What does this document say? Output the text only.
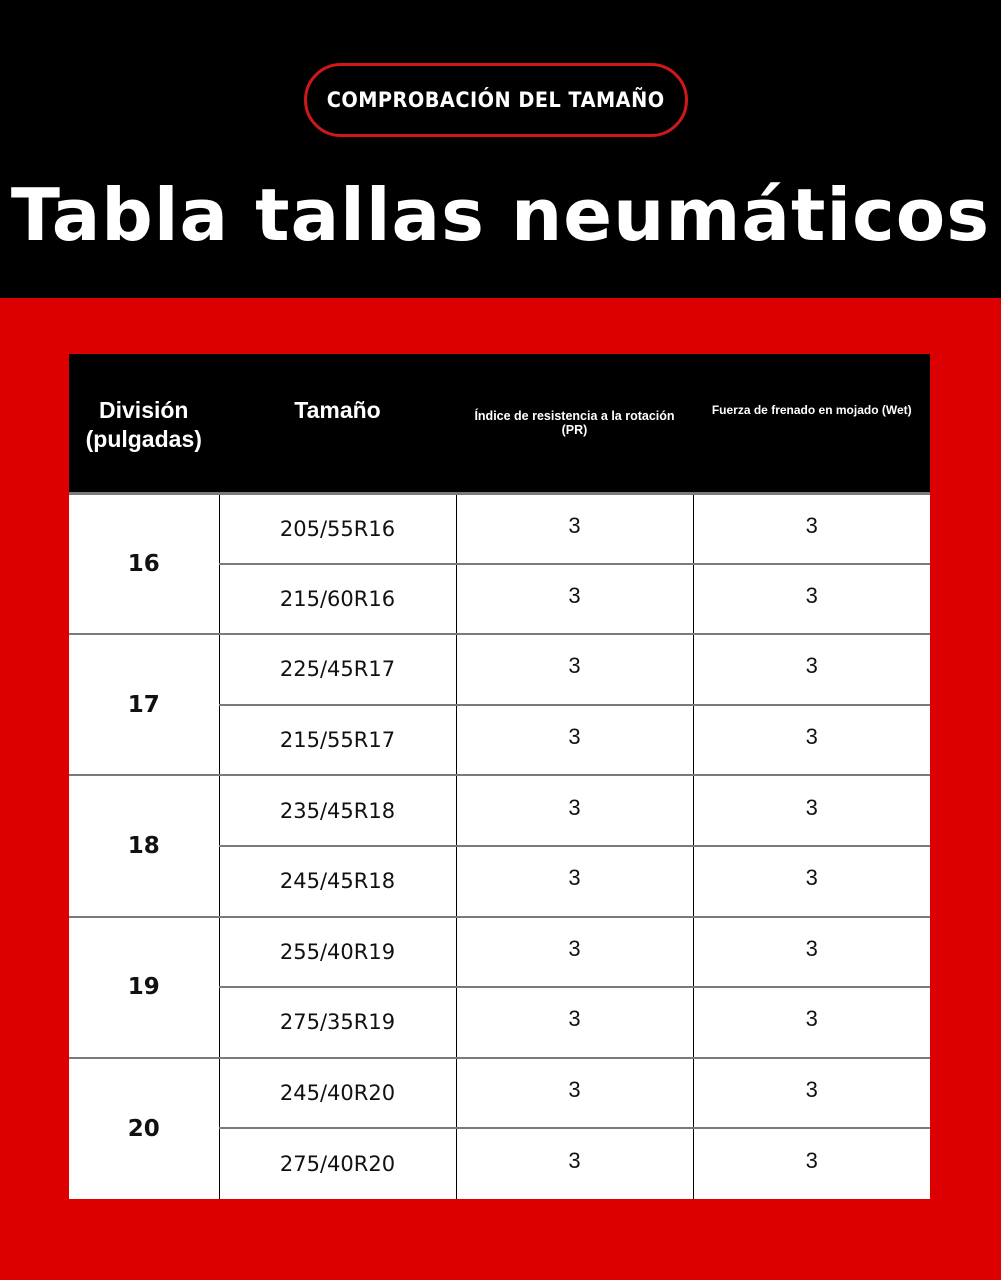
COMPROBACIÓN DEL TAMAÑO
Tabla tallas neumáticos
División (pulgadas)	Tamaño	Índice de resistencia a la rotación (PR)	Fuerza de frenado en mojado (Wet)

16	205/55R16	3	3
	215/60R16	3	3
17	225/45R17	3	3
	215/55R17	3	3
18	235/45R18	3	3
	245/45R18	3	3
19	255/40R19	3	3
	275/35R19	3	3
20	245/40R20	3	3
	275/40R20	3	3
